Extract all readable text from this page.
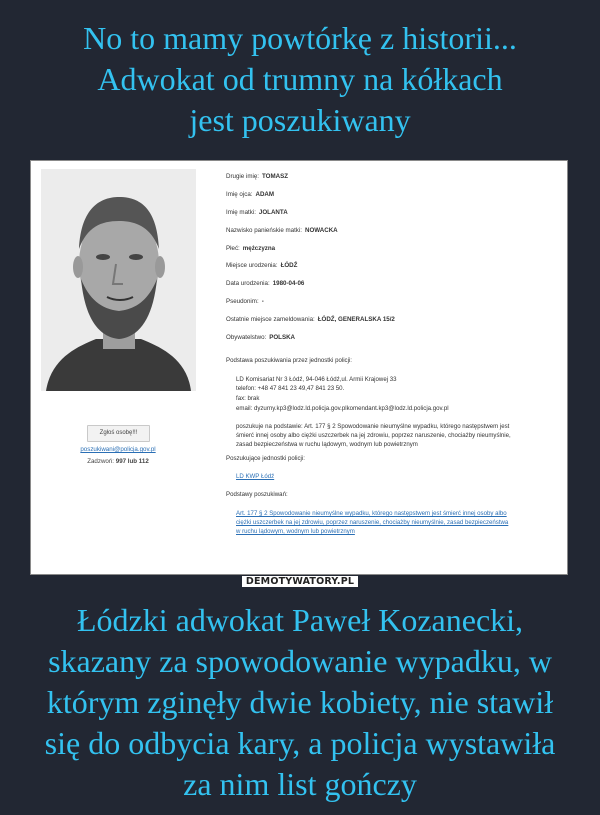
No to mamy powtórkę z historii...
Adwokat od trumny na kółkach
jest poszukiwany
Zgłoś osobę!!!
poszukiwani@policja.gov.pl
Zadzwoń: 997 lub 112
Drugie imię: TOMASZ
Imię ojca: ADAM
Imię matki: JOLANTA
Nazwisko panieńskie matki: NOWACKA
Płeć: mężczyzna
Miejsce urodzenia: ŁÓDŹ
Data urodzenia: 1980-04-06
Pseudonim: -
Ostatnie miejsce zameldowania: ŁÓDŹ, GENERALSKA 15/2
Obywatelstwo: POLSKA
Podstawa poszukiwania przez jednostki policji:
LD Komisariat Nr 3 Łódź, 94-046 Łódź,ul. Armii Krajowej 33
telefon: +48 47 841 23 49,47 841 23 50.
fax: brak
email: dyzurny.kp3@lodz.ld.policja.gov.plkomendant.kp3@lodz.ld.policja.gov.pl
poszukuje na podstawie: Art. 177 § 2 Spowodowanie nieumyślne wypadku, którego następstwem jest
śmierć innej osoby albo ciężki uszczerbek na jej zdrowiu, poprzez naruszenie, chociażby nieumyślnie,
zasad bezpieczeństwa w ruchu lądowym, wodnym lub powietrznym
Poszukujące jednostki policji:
LD KWP Łódź
Podstawy poszukiwań:
Art. 177 § 2 Spowodowanie nieumyślne wypadku, którego następstwem jest śmierć innej osoby albo
ciężki uszczerbek na jej zdrowiu, poprzez naruszenie, chociażby nieumyślnie, zasad bezpieczeństwa
w ruchu lądowym, wodnym lub powietrznym
DEMOTYWATORY.PL
Łódzki adwokat Paweł Kozanecki,
skazany za spowodowanie wypadku, w
którym zginęły dwie kobiety, nie stawił
się do odbycia kary, a policja wystawiła
za nim list gończy
